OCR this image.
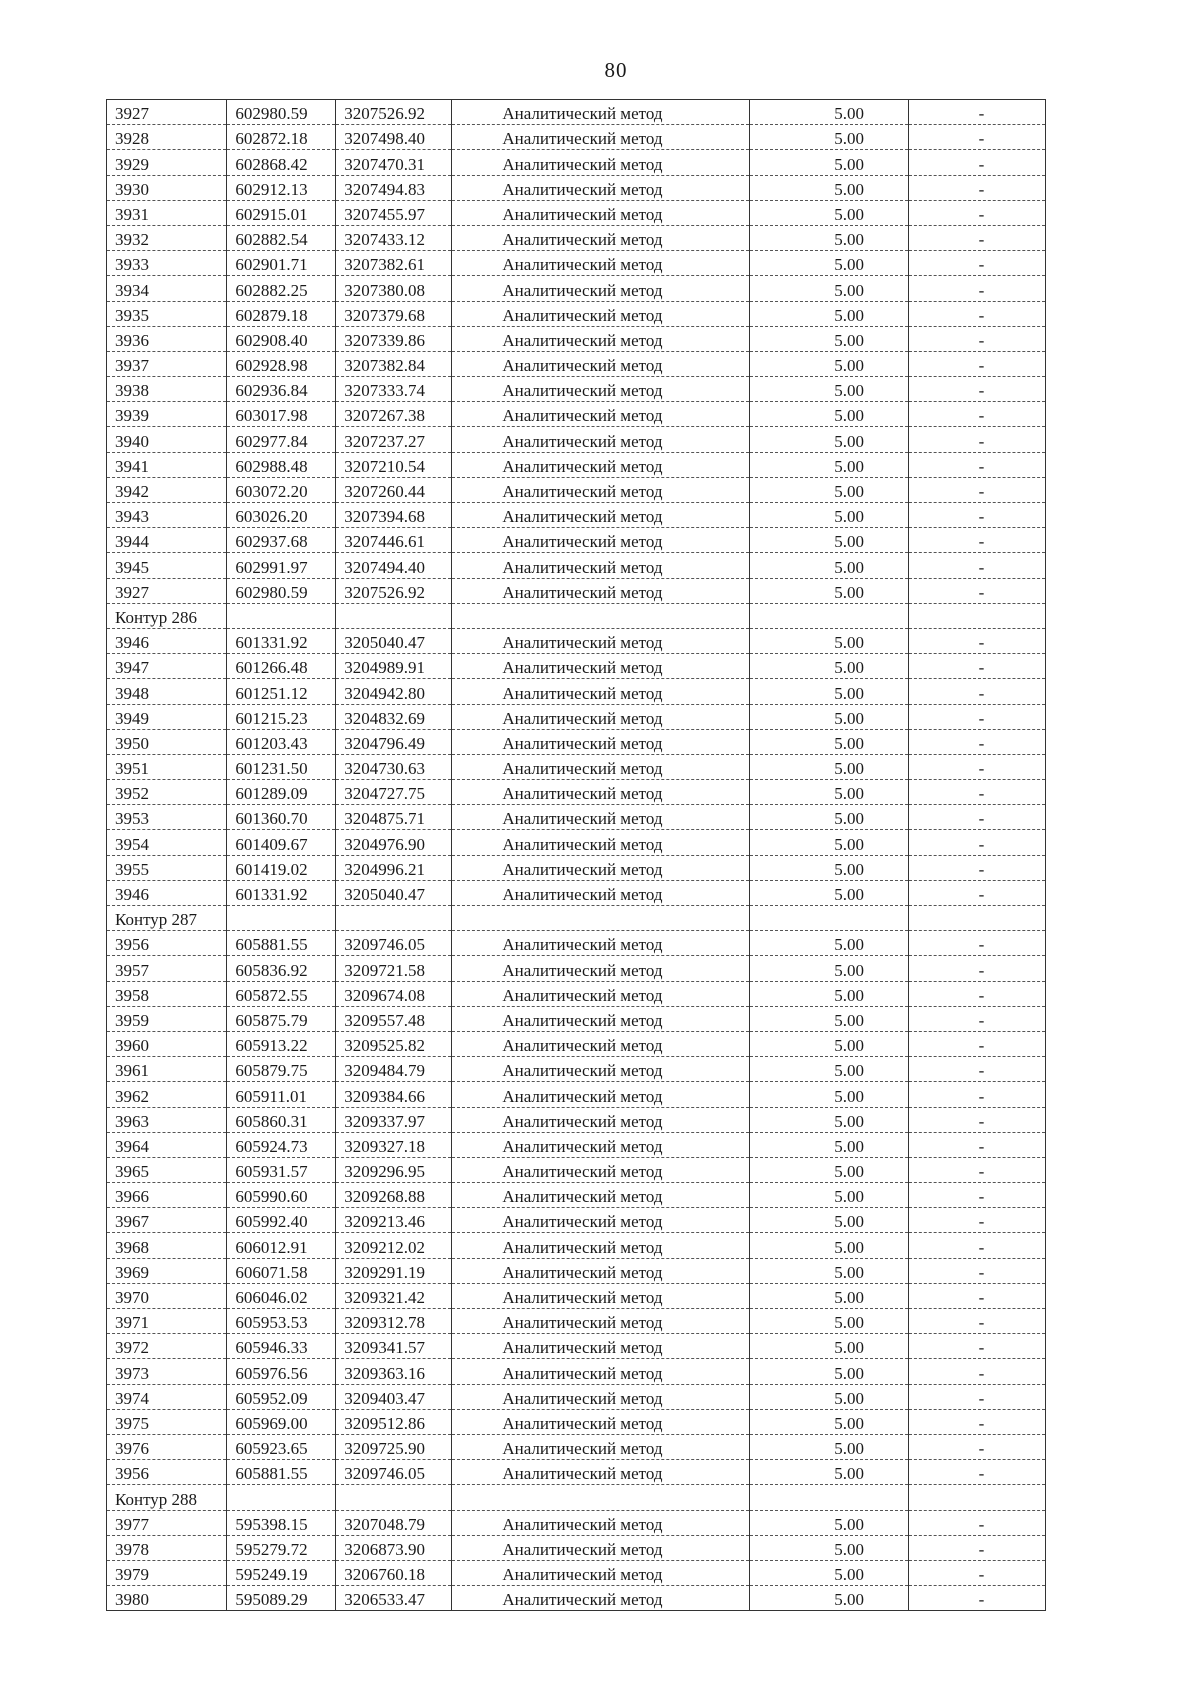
80
3927	602980.59	3207526.92	Аналитический метод	5.00	-
3928	602872.18	3207498.40	Аналитический метод	5.00	-
3929	602868.42	3207470.31	Аналитический метод	5.00	-
3930	602912.13	3207494.83	Аналитический метод	5.00	-
3931	602915.01	3207455.97	Аналитический метод	5.00	-
3932	602882.54	3207433.12	Аналитический метод	5.00	-
3933	602901.71	3207382.61	Аналитический метод	5.00	-
3934	602882.25	3207380.08	Аналитический метод	5.00	-
3935	602879.18	3207379.68	Аналитический метод	5.00	-
3936	602908.40	3207339.86	Аналитический метод	5.00	-
3937	602928.98	3207382.84	Аналитический метод	5.00	-
3938	602936.84	3207333.74	Аналитический метод	5.00	-
3939	603017.98	3207267.38	Аналитический метод	5.00	-
3940	602977.84	3207237.27	Аналитический метод	5.00	-
3941	602988.48	3207210.54	Аналитический метод	5.00	-
3942	603072.20	3207260.44	Аналитический метод	5.00	-
3943	603026.20	3207394.68	Аналитический метод	5.00	-
3944	602937.68	3207446.61	Аналитический метод	5.00	-
3945	602991.97	3207494.40	Аналитический метод	5.00	-
3927	602980.59	3207526.92	Аналитический метод	5.00	-
Контур 286					
3946	601331.92	3205040.47	Аналитический метод	5.00	-
3947	601266.48	3204989.91	Аналитический метод	5.00	-
3948	601251.12	3204942.80	Аналитический метод	5.00	-
3949	601215.23	3204832.69	Аналитический метод	5.00	-
3950	601203.43	3204796.49	Аналитический метод	5.00	-
3951	601231.50	3204730.63	Аналитический метод	5.00	-
3952	601289.09	3204727.75	Аналитический метод	5.00	-
3953	601360.70	3204875.71	Аналитический метод	5.00	-
3954	601409.67	3204976.90	Аналитический метод	5.00	-
3955	601419.02	3204996.21	Аналитический метод	5.00	-
3946	601331.92	3205040.47	Аналитический метод	5.00	-
Контур 287					
3956	605881.55	3209746.05	Аналитический метод	5.00	-
3957	605836.92	3209721.58	Аналитический метод	5.00	-
3958	605872.55	3209674.08	Аналитический метод	5.00	-
3959	605875.79	3209557.48	Аналитический метод	5.00	-
3960	605913.22	3209525.82	Аналитический метод	5.00	-
3961	605879.75	3209484.79	Аналитический метод	5.00	-
3962	605911.01	3209384.66	Аналитический метод	5.00	-
3963	605860.31	3209337.97	Аналитический метод	5.00	-
3964	605924.73	3209327.18	Аналитический метод	5.00	-
3965	605931.57	3209296.95	Аналитический метод	5.00	-
3966	605990.60	3209268.88	Аналитический метод	5.00	-
3967	605992.40	3209213.46	Аналитический метод	5.00	-
3968	606012.91	3209212.02	Аналитический метод	5.00	-
3969	606071.58	3209291.19	Аналитический метод	5.00	-
3970	606046.02	3209321.42	Аналитический метод	5.00	-
3971	605953.53	3209312.78	Аналитический метод	5.00	-
3972	605946.33	3209341.57	Аналитический метод	5.00	-
3973	605976.56	3209363.16	Аналитический метод	5.00	-
3974	605952.09	3209403.47	Аналитический метод	5.00	-
3975	605969.00	3209512.86	Аналитический метод	5.00	-
3976	605923.65	3209725.90	Аналитический метод	5.00	-
3956	605881.55	3209746.05	Аналитический метод	5.00	-
Контур 288					
3977	595398.15	3207048.79	Аналитический метод	5.00	-
3978	595279.72	3206873.90	Аналитический метод	5.00	-
3979	595249.19	3206760.18	Аналитический метод	5.00	-
3980	595089.29	3206533.47	Аналитический метод	5.00	-
